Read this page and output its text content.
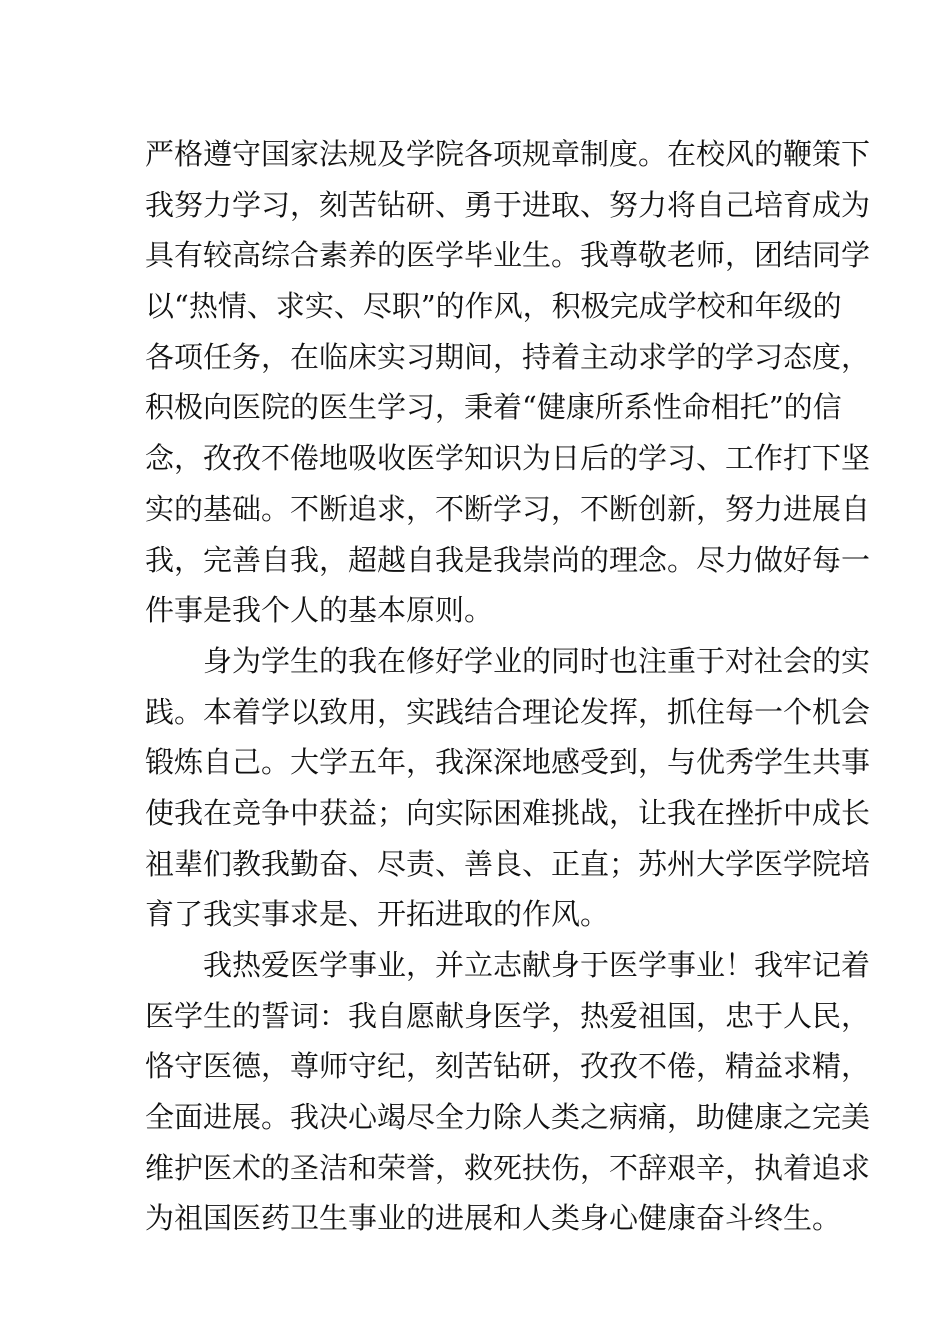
严格遵守国家法规及学院各项规章制度。在校风的鞭策下
我努力学习，刻苦钻研、勇于进取、努力将自己培育成为
具有较高综合素养的医学毕业生。我尊敬老师，团结同学
以“热情、求实、尽职”的作风，积极完成学校和年级的
各项任务，在临床实习期间，持着主动求学的学习态度，
积极向医院的医生学习，秉着“健康所系性命相托”的信
念，孜孜不倦地吸收医学知识为日后的学习、工作打下坚
实的基础。不断追求，不断学习，不断创新，努力进展自
我，完善自我，超越自我是我崇尚的理念。尽力做好每一
件事是我个人的基本原则。
身为学生的我在修好学业的同时也注重于对社会的实
践。本着学以致用，实践结合理论发挥，抓住每一个机会
锻炼自己。大学五年，我深深地感受到，与优秀学生共事
使我在竞争中获益；向实际困难挑战，让我在挫折中成长
祖辈们教我勤奋、尽责、善良、正直；苏州大学医学院培
育了我实事求是、开拓进取的作风。
我热爱医学事业，并立志献身于医学事业！我牢记着
医学生的誓词：我自愿献身医学，热爱祖国，忠于人民，
恪守医德，尊师守纪，刻苦钻研，孜孜不倦，精益求精，
全面进展。我决心竭尽全力除人类之病痛，助健康之完美
维护医术的圣洁和荣誉，救死扶伤，不辞艰辛，执着追求
为祖国医药卫生事业的进展和人类身心健康奋斗终生。
